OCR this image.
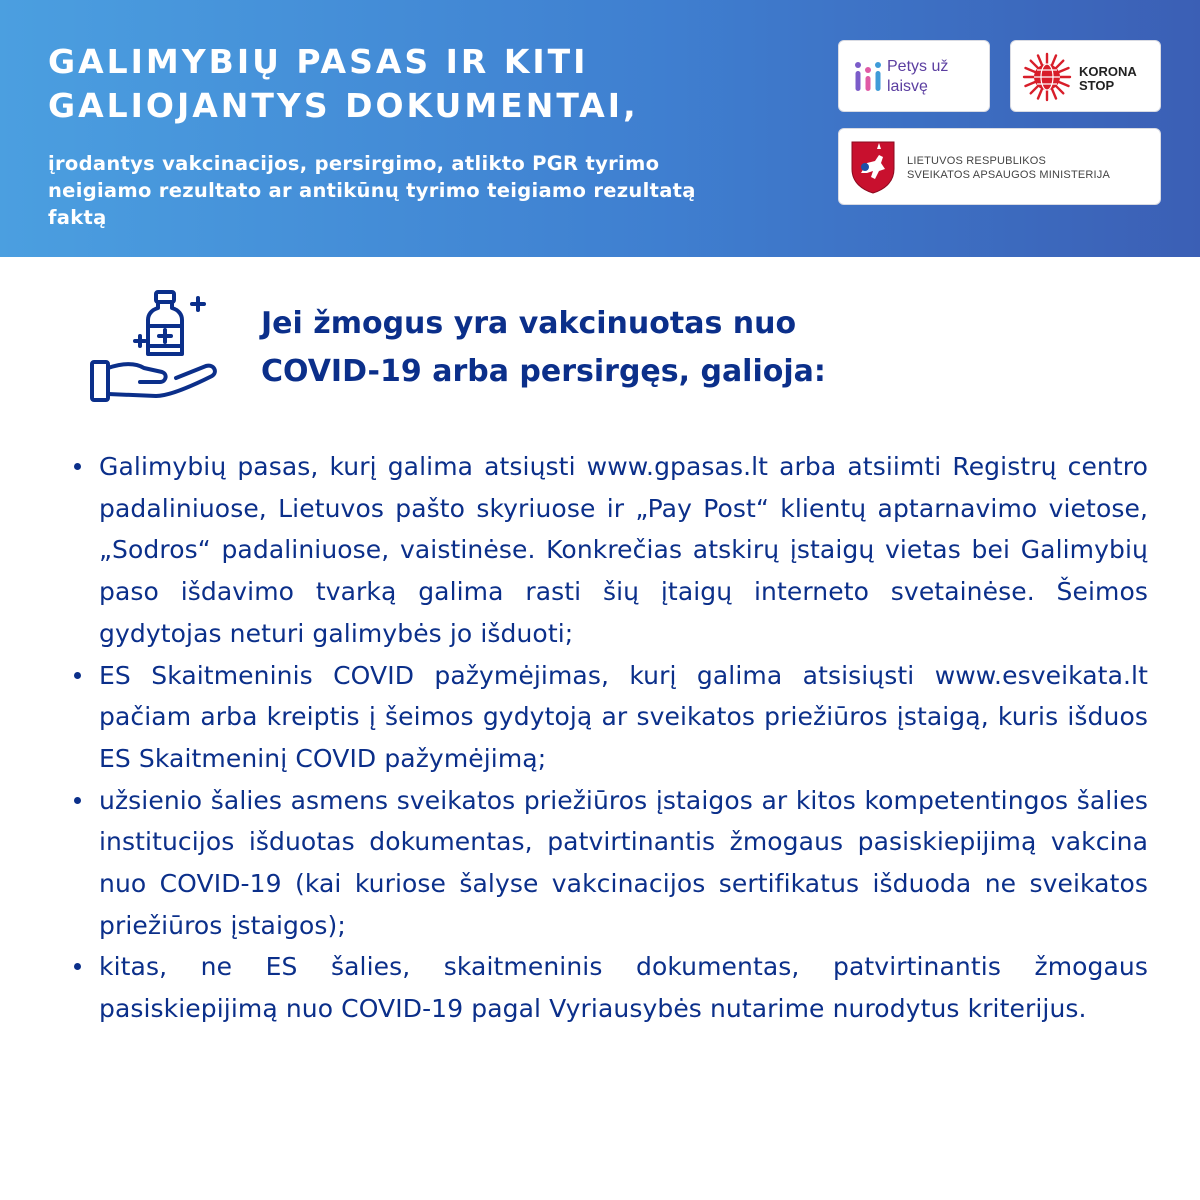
GALIMYBIŲ PASAS IR KITI
GALIOJANTYS DOKUMENTAI,

įrodantys vakcinacijos, persirgimo, atlikto PGR tyrimo neigiamo rezultato ar antikūnų tyrimo teigiamo rezultatą faktą

Petys už
laisvę
KORONA
STOP
LIETUVOS RESPUBLIKOS
SVEIKATOS APSAUGOS MINISTERIJA
Jei žmogus yra vakcinuotas nuo
COVID-19 arba persirgęs, galioja:
Galimybių pasas, kurį galima atsiųsti www.gpasas.lt arba atsiimti Registrų centro padaliniuose, Lietuvos pašto skyriuose ir „Pay Post“ klientų aptarnavimo vietose, „Sodros“ padaliniuose, vaistinėse. Konkrečias atskirų įstaigų vietas bei Galimybių paso išdavimo tvarką galima rasti šių įtaigų interneto svetainėse. Šeimos gydytojas neturi galimybės jo išduoti;
ES Skaitmeninis COVID pažymėjimas, kurį galima atsisiųsti www.esveikata.lt pačiam arba kreiptis į šeimos gydytoją ar sveikatos priežiūros įstaigą, kuris išduos ES Skaitmeninį COVID pažymėjimą;
užsienio šalies asmens sveikatos priežiūros įstaigos ar kitos kompetentingos šalies institucijos išduotas dokumentas, patvirtinantis žmogaus pasiskiepijimą vakcina nuo COVID-19 (kai kuriose šalyse vakcinacijos sertifikatus išduoda ne sveikatos priežiūros įstaigos);
kitas, ne ES šalies, skaitmeninis dokumentas, patvirtinantis žmogaus pasiskiepijimą nuo COVID-19 pagal Vyriausybės nutarime nurodytus kriterijus.
